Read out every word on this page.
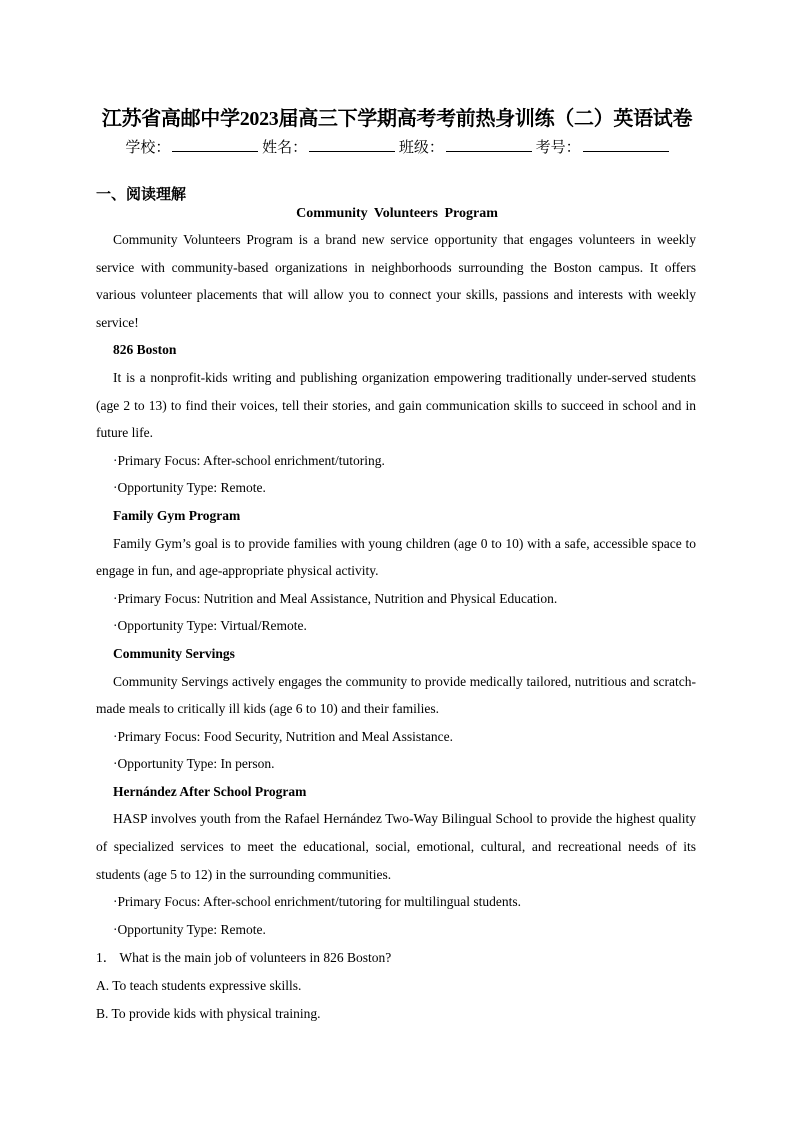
江苏省高邮中学2023届高三下学期高考考前热身训练（二）英语试卷
学校：	姓名：	班级：	考号：
一、阅读理解
Community Volunteers Program

Community Volunteers Program is a brand new service opportunity that engages volunteers in weekly service with community-based organizations in neighborhoods surrounding the Boston campus. It offers various volunteer placements that will allow you to connect your skills, passions and interests with weekly service!

826 Boston

It is a nonprofit-kids writing and publishing organization empowering traditionally under-served students (age 2 to 13) to find their voices, tell their stories, and gain communication skills to succeed in school and in future life.

·Primary Focus: After-school enrichment/tutoring.

·Opportunity Type: Remote.

Family Gym Program

Family Gym’s goal is to provide families with young children (age 0 to 10) with a safe, accessible space to engage in fun, and age-appropriate physical activity.

·Primary Focus: Nutrition and Meal Assistance, Nutrition and Physical Education.

·Opportunity Type: Virtual/Remote.

Community Servings

Community Servings actively engages the community to provide medically tailored, nutritious and scratch-made meals to critically ill kids (age 6 to 10) and their families.

·Primary Focus: Food Security, Nutrition and Meal Assistance.

·Opportunity Type: In person.

Hernández After School Program

HASP involves youth from the Rafael Hernández Two-Way Bilingual School to provide the highest quality of specialized services to meet the educational, social, emotional, cultural, and recreational needs of its students (age 5 to 12) in the surrounding communities.

·Primary Focus: After-school enrichment/tutoring for multilingual students.

·Opportunity Type: Remote.

1． What is the main job of volunteers in 826 Boston?

A. To teach students expressive skills.

B. To provide kids with physical training.
